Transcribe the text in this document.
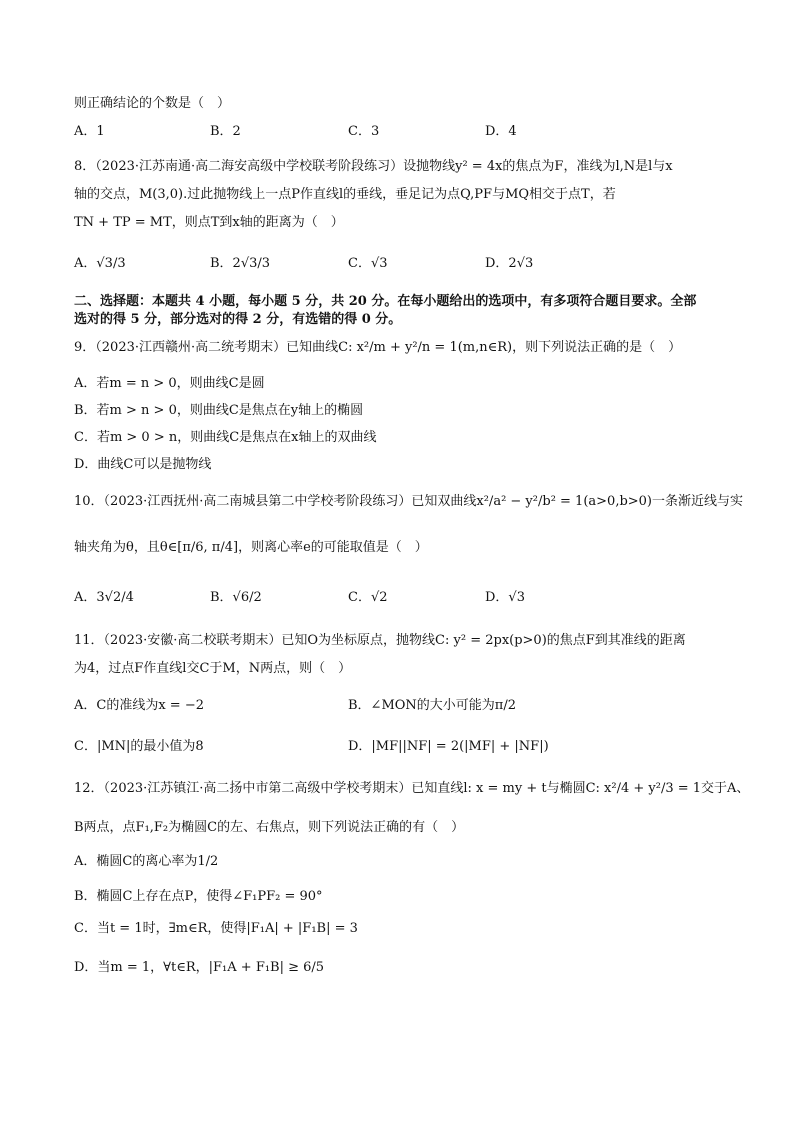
则正确结论的个数是（　）
A．1	B．2	C．3	D．4
8．（2023·江苏南通·高二海安高级中学校联考阶段练习）设抛物线y² = 4x的焦点为F，准线为l,N是l与x
轴的交点，M(3,0).过此抛物线上一点P作直线l的垂线，垂足记为点Q,PF与MQ相交于点T，若
TN + TP = MT，则点T到x轴的距离为（　）
A．√3/3	B．2√3/3	C．√3	D．2√3
二、选择题：本题共 4 小题，每小题 5 分，共 20 分。在每小题给出的选项中，有多项符合题目要求。全部
选对的得 5 分，部分选对的得 2 分，有选错的得 0 分。
9．（2023·江西赣州·高二统考期末）已知曲线C: x²/m + y²/n = 1(m,n∈R)，则下列说法正确的是（　）
A．若m = n > 0，则曲线C是圆
B．若m > n > 0，则曲线C是焦点在y轴上的椭圆
C．若m > 0 > n，则曲线C是焦点在x轴上的双曲线
D．曲线C可以是抛物线
10．（2023·江西抚州·高二南城县第二中学校考阶段练习）已知双曲线x²/a² − y²/b² = 1(a>0,b>0)一条渐近线与实
轴夹角为θ，且θ∈[π/6, π/4]，则离心率e的可能取值是（　）
A．3√2/4	B．√6/2	C．√2	D．√3
11．（2023·安徽·高二校联考期末）已知O为坐标原点，抛物线C: y² = 2px(p>0)的焦点F到其准线的距离
为4，过点F作直线l交C于M，N两点，则（　）
A．C的准线为x = −2	B．∠MON的大小可能为π/2
C．|MN|的最小值为8	D．|MF||NF| = 2(|MF| + |NF|)
12．（2023·江苏镇江·高二扬中市第二高级中学校考期末）已知直线l: x = my + t与椭圆C: x²/4 + y²/3 = 1交于A、
B两点，点F₁,F₂为椭圆C的左、右焦点，则下列说法正确的有（　）
A．椭圆C的离心率为1/2
B．椭圆C上存在点P，使得∠F₁PF₂ = 90°
C．当t = 1时，∃m∈R，使得|F₁A| + |F₁B| = 3
D．当m = 1，∀t∈R，|F₁A + F₁B| ≥ 6/5
